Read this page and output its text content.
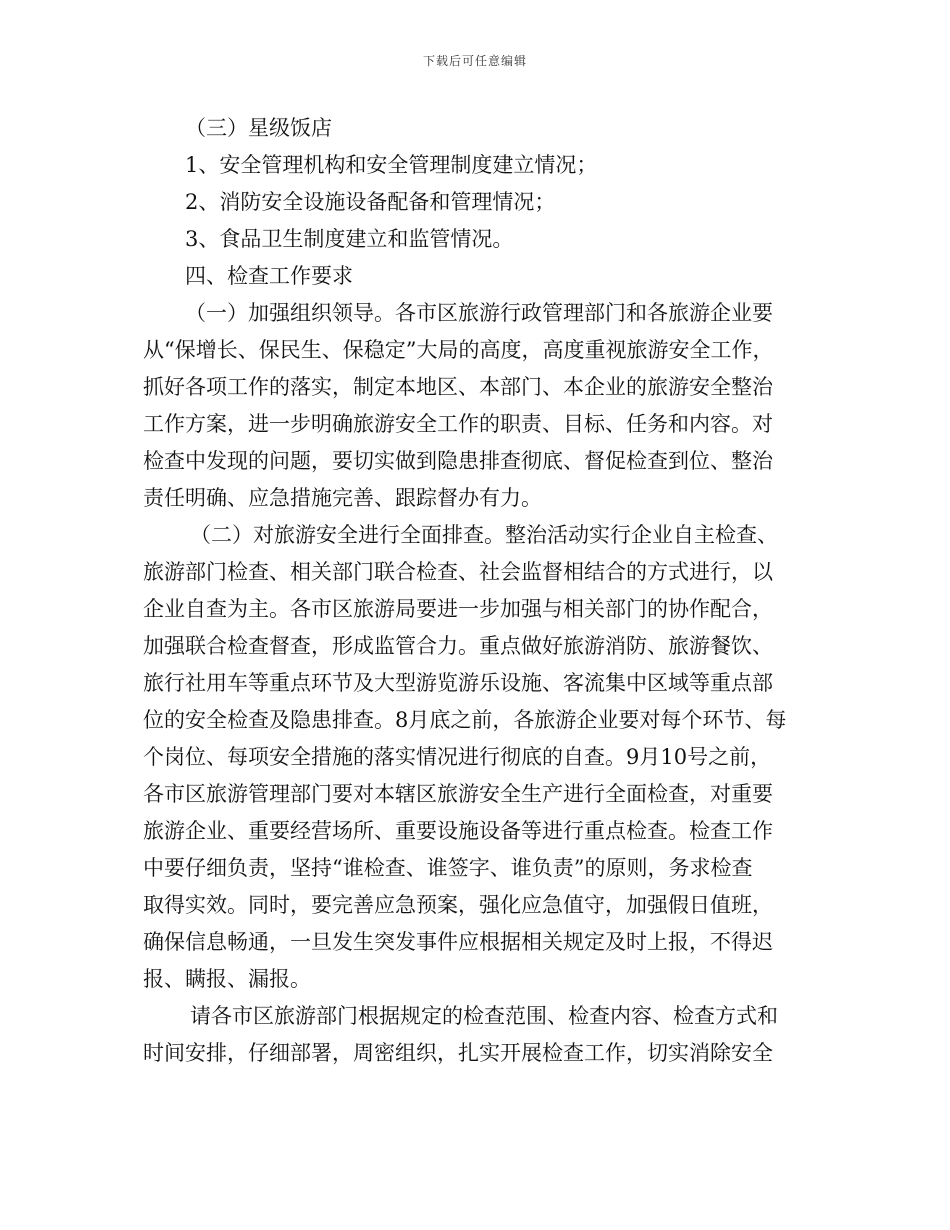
下载后可任意编辑
（三）星级饭店
1、安全管理机构和安全管理制度建立情况；
2、消防安全设施设备配备和管理情况；
3、食品卫生制度建立和监管情况。
四、检查工作要求
（一）加强组织领导。各市区旅游行政管理部门和各旅游企业要
从“保增长、保民生、保稳定”大局的高度，高度重视旅游安全工作，
抓好各项工作的落实，制定本地区、本部门、本企业的旅游安全整治
工作方案，进一步明确旅游安全工作的职责、目标、任务和内容。对
检查中发现的问题，要切实做到隐患排查彻底、督促检查到位、整治
责任明确、应急措施完善、跟踪督办有力。
（二）对旅游安全进行全面排查。整治活动实行企业自主检查、
旅游部门检查、相关部门联合检查、社会监督相结合的方式进行，以
企业自查为主。各市区旅游局要进一步加强与相关部门的协作配合，
加强联合检查督查，形成监管合力。重点做好旅游消防、旅游餐饮、
旅行社用车等重点环节及大型游览游乐设施、客流集中区域等重点部
位的安全检查及隐患排查。8月底之前，各旅游企业要对每个环节、每
个岗位、每项安全措施的落实情况进行彻底的自查。9月10号之前，
各市区旅游管理部门要对本辖区旅游安全生产进行全面检查，对重要
旅游企业、重要经营场所、重要设施设备等进行重点检查。检查工作
中要仔细负责，坚持“谁检查、谁签字、谁负责”的原则，务求检查
取得实效。同时，要完善应急预案，强化应急值守，加强假日值班，
确保信息畅通，一旦发生突发事件应根据相关规定及时上报，不得迟
报、瞒报、漏报。
请各市区旅游部门根据规定的检查范围、检查内容、检查方式和
时间安排，仔细部署，周密组织，扎实开展检查工作，切实消除安全
